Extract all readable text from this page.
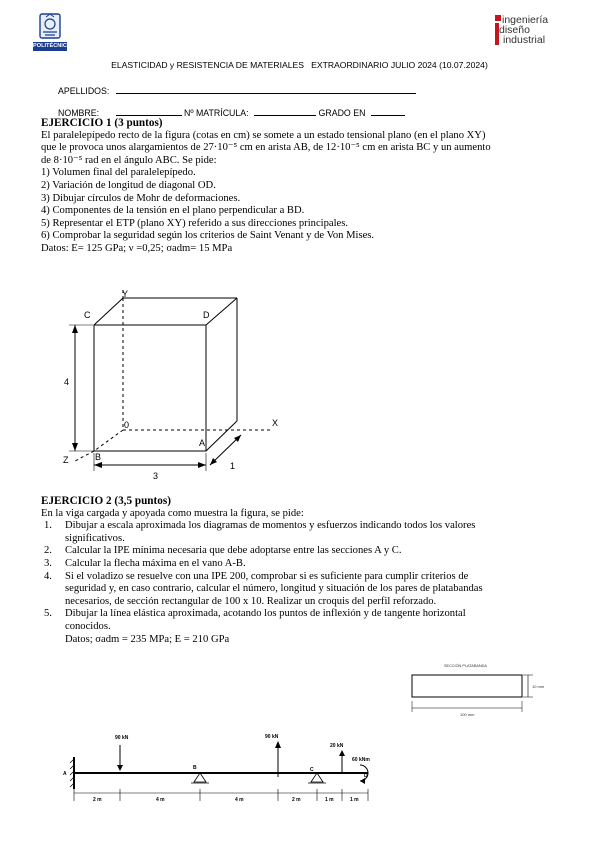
POLITÉCNICA
ingeniería
diseño
industrial
ELASTICIDAD y RESISTENCIA DE MATERIALES   EXTRAORDINARIO JULIO 2024 (10.07.2024)
APELLIDOS:
NOMBRE:	Nº MATRÍCULA:	GRADO EN
EJERCICIO 1 (3 puntos)
El paralelepípedo recto de la figura (cotas en cm) se somete a un estado tensional plano (en el plano XY)
que le provoca unos alargamientos de 27·10⁻⁵ cm en arista AB, de 12·10⁻⁵ cm en arista BC y un aumento
de 8·10⁻⁵ rad en el ángulo ABC. Se pide:
1) Volumen final del paralelepípedo.
2) Variación de longitud de diagonal OD.
3) Dibujar círculos de Mohr de deformaciones.
4) Componentes de la tensión en el plano perpendicular a BD.
5) Representar el ETP (plano XY) referido a sus direcciones principales.
6) Comprobar la seguridad según los criterios de Saint Venant y de Von Mises.
Datos: E= 125 GPa; ν =0,25; σadm= 15 MPa
Y
C	D
X
0
A
Z	B
4
3
1
EJERCICIO 2 (3,5 puntos)
En la viga cargada y apoyada como muestra la figura, se pide:
1. Dibujar a escala aproximada los diagramas de momentos y esfuerzos indicando todos los valores
significativos.
2. Calcular la IPE mínima necesaria que debe adoptarse entre las secciones A y C.
3. Calcular la flecha máxima en el vano A-B.
4. Si el voladizo se resuelve con una IPE 200, comprobar si es suficiente para cumplir criterios de
seguridad y, en caso contrario, calcular el número, longitud y situación de los pares de platabandas
necesarios, de sección rectangular de 100 x 10. Realizar un croquis del perfil reforzado.
5. Dibujar la línea elástica aproximada, acotando los puntos de inflexión y de tangente horizontal
conocidos.
Datos; σadm = 235 MPa; E = 210 GPa
SECCIÓN PLATABANDA
10 mm
100 mm
90 kN	90 kN
20 kN
60 kNm
A
B	C
D
2 m	4 m	4 m	2 m	1 m	1 m
